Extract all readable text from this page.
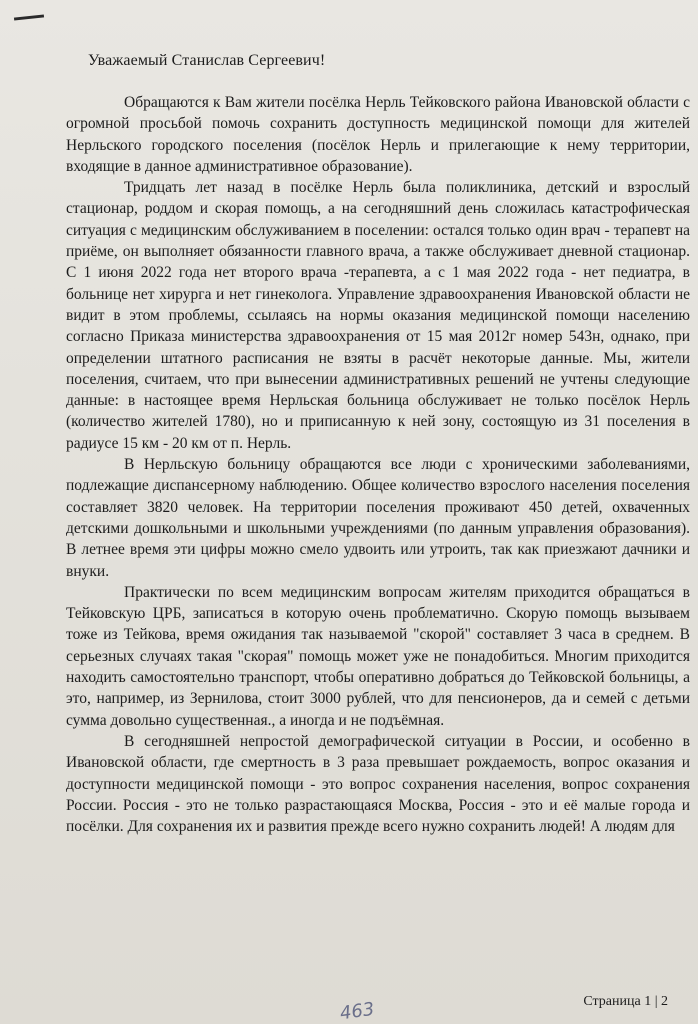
Уважаемый Станислав Сергеевич!

Обращаются к Вам жители посёлка Нерль Тейковского района Ивановской области с огромной просьбой помочь сохранить доступность медицинской помощи для жителей Нерльского городского поселения (посёлок Нерль и прилегающие к нему территории, входящие в данное административное образование).

Тридцать лет назад в посёлке Нерль была поликлиника, детский и взрослый стационар, роддом и скорая помощь, а на сегодняшний день сложилась катастрофическая ситуация с медицинским обслуживанием в поселении: остался только один врач - терапевт на приёме, он выполняет обязанности главного врача, а также обслуживает дневной стационар. С 1 июня 2022 года нет второго врача -терапевта, а с 1 мая 2022 года - нет педиатра, в больнице нет хирурга и нет гинеколога. Управление здравоохранения Ивановской области не видит в этом проблемы, ссылаясь на нормы оказания медицинской помощи населению согласно Приказа министерства здравоохранения от 15 мая 2012г номер 543н, однако, при определении штатного расписания не взяты в расчёт некоторые данные. Мы, жители поселения, считаем, что при вынесении административных решений не учтены следующие данные: в настоящее время Нерльская больница обслуживает не только посёлок Нерль (количество жителей 1780), но и приписанную к ней зону, состоящую из 31 поселения в радиусе 15 км - 20 км от п. Нерль.

В Нерльскую больницу обращаются все люди с хроническими заболеваниями, подлежащие диспансерному наблюдению. Общее количество взрослого населения поселения составляет 3820 человек. На территории поселения проживают 450 детей, охваченных детскими дошкольными и школьными учреждениями (по данным управления образования). В летнее время эти цифры можно смело удвоить или утроить, так как приезжают дачники и внуки.

Практически по всем медицинским вопросам жителям приходится обращаться в Тейковскую ЦРБ, записаться в которую очень проблематично. Скорую помощь вызываем тоже из Тейкова, время ожидания так называемой "скорой" составляет 3 часа в среднем. В серьезных случаях такая "скорая" помощь может уже не понадобиться. Многим приходится находить самостоятельно транспорт, чтобы оперативно добраться до Тейковской больницы, а это, например, из Зернилова, стоит 3000 рублей, что для пенсионеров, да и семей с детьми сумма довольно существенная., а иногда и не подъёмная.

В сегодняшней непростой демографической ситуации в России, и особенно в Ивановской области, где смертность в 3 раза превышает рождаемость, вопрос оказания и доступности медицинской помощи - это вопрос сохранения населения, вопрос сохранения России. Россия - это не только разрастающаяся Москва, Россия - это и её малые города и посёлки. Для сохранения их и развития прежде всего нужно сохранить людей! А людям для

463	Страница 1 | 2
